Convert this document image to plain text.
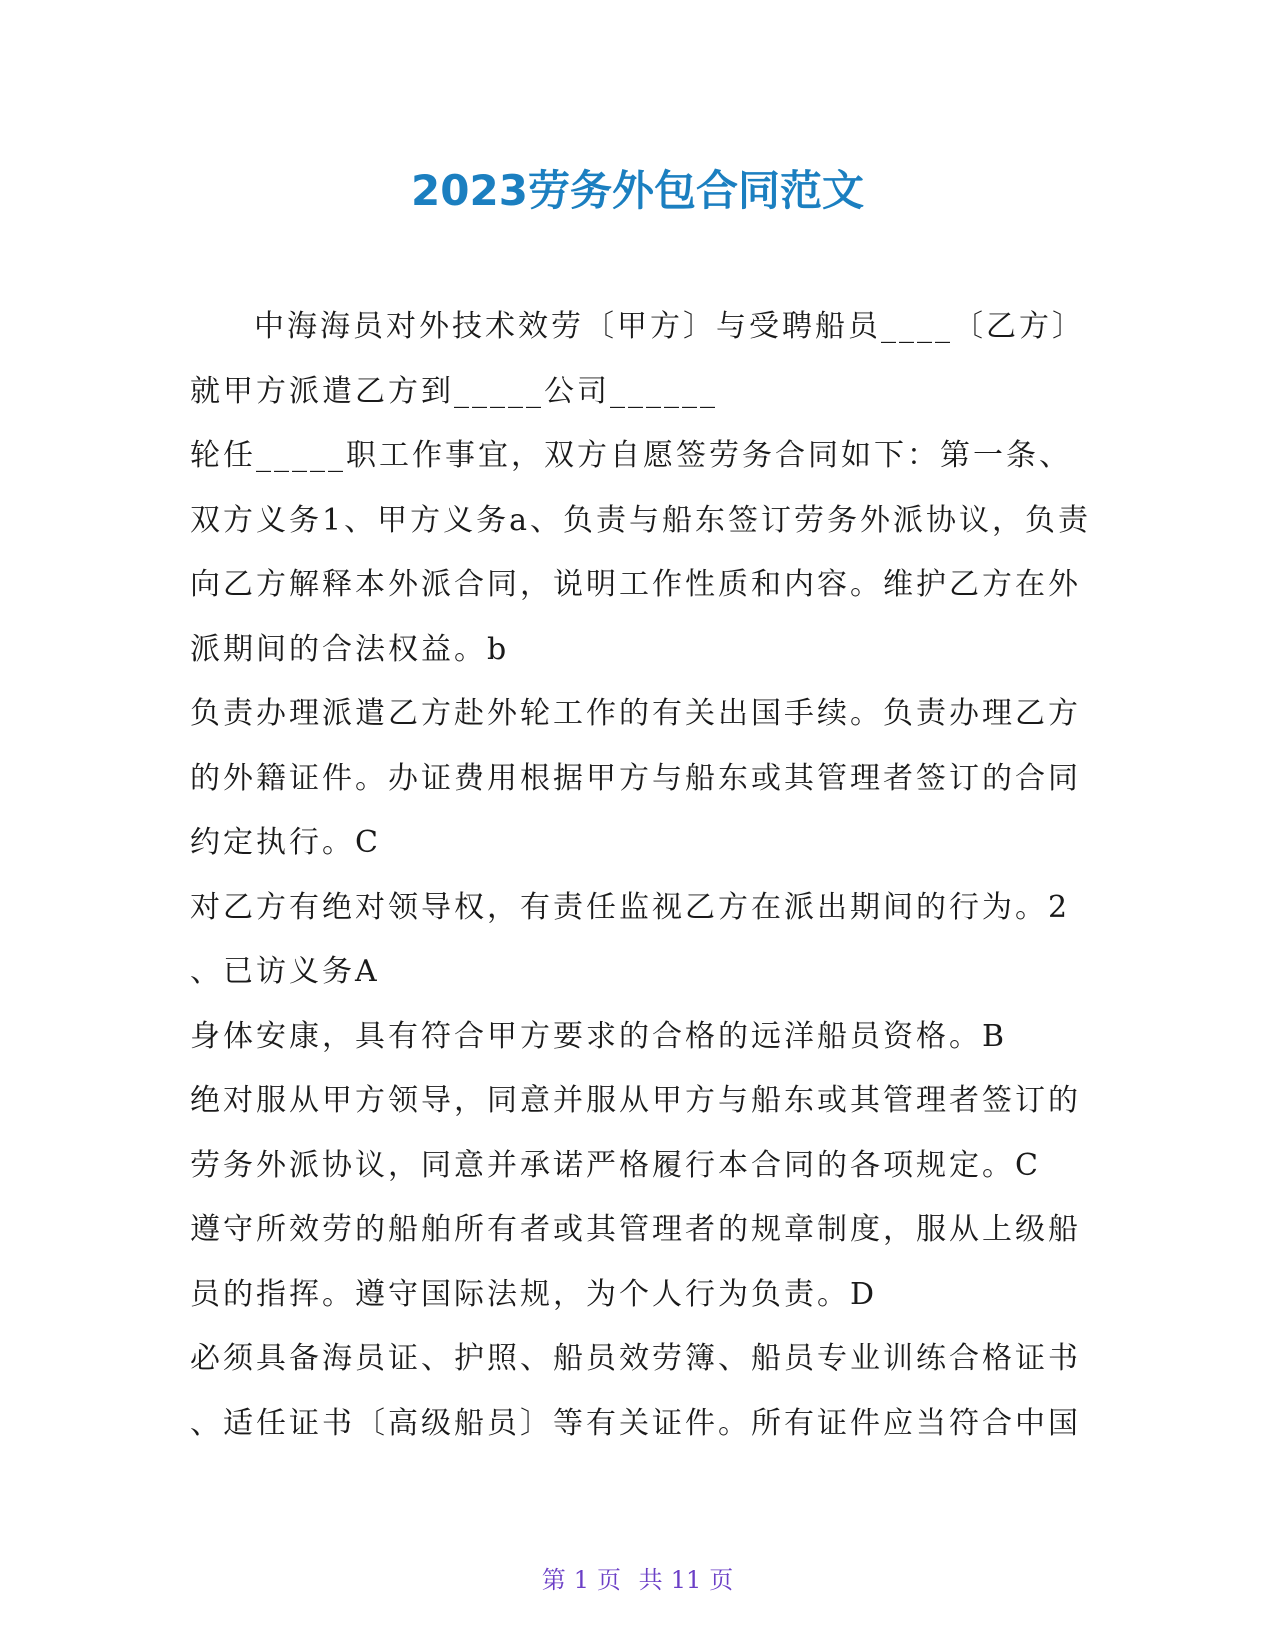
2023劳务外包合同范文
中海海员对外技术效劳〔甲方〕与受聘船员____〔乙方〕
就甲方派遣乙方到_____公司______
轮任_____职工作事宜，双方自愿签劳务合同如下：第一条、
双方义务1、甲方义务a、负责与船东签订劳务外派协议，负责
向乙方解释本外派合同，说明工作性质和内容。维护乙方在外
派期间的合法权益。b
负责办理派遣乙方赴外轮工作的有关出国手续。负责办理乙方
的外籍证件。办证费用根据甲方与船东或其管理者签订的合同
约定执行。C
对乙方有绝对领导权，有责任监视乙方在派出期间的行为。2
、已访义务A
身体安康，具有符合甲方要求的合格的远洋船员资格。B
绝对服从甲方领导，同意并服从甲方与船东或其管理者签订的
劳务外派协议，同意并承诺严格履行本合同的各项规定。C
遵守所效劳的船舶所有者或其管理者的规章制度，服从上级船
员的指挥。遵守国际法规，为个人行为负责。D
必须具备海员证、护照、船员效劳簿、船员专业训练合格证书
、适任证书〔高级船员〕等有关证件。所有证件应当符合中国
第 1 页 共 11 页
